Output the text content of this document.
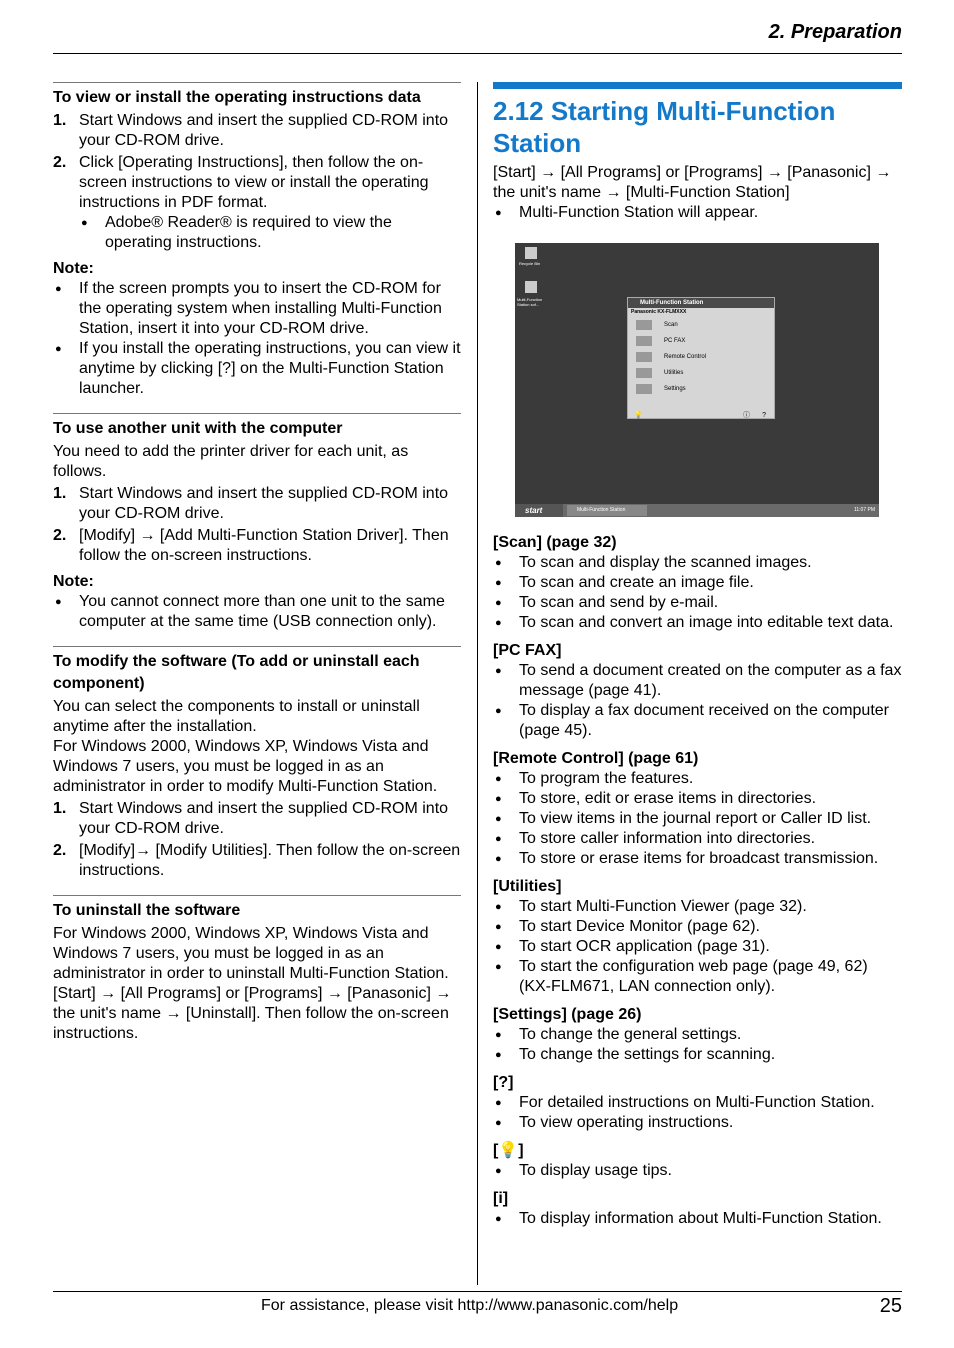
2. Preparation

To view or install the operating instructions data

1. Start Windows and insert the supplied CD-ROM into your CD-ROM drive.
2. Click [Operating Instructions], then follow the on-screen instructions to view or install the operating instructions in PDF format.
● Adobe® Reader® is required to view the operating instructions.

Note:

● If the screen prompts you to insert the CD-ROM for the operating system when installing Multi-Function Station, insert it into your CD-ROM drive.
● If you install the operating instructions, you can view it anytime by clicking [?] on the Multi-Function Station launcher.

To use another unit with the computer

You need to add the printer driver for each unit, as follows.

1. Start Windows and insert the supplied CD-ROM into your CD-ROM drive.
2. [Modify] → [Add Multi-Function Station Driver]. Then follow the on-screen instructions.

Note:

● You cannot connect more than one unit to the same computer at the same time (USB connection only).

To modify the software (To add or uninstall each component)

You can select the components to install or uninstall anytime after the installation.

For Windows 2000, Windows XP, Windows Vista and Windows 7 users, you must be logged in as an administrator in order to modify Multi-Function Station.

1. Start Windows and insert the supplied CD-ROM into your CD-ROM drive.
2. [Modify]→ [Modify Utilities]. Then follow the on-screen instructions.

To uninstall the software

For Windows 2000, Windows XP, Windows Vista and Windows 7 users, you must be logged in as an administrator in order to uninstall Multi-Function Station.

[Start] → [All Programs] or [Programs] → [Panasonic] → the unit's name → [Uninstall]. Then follow the on-screen instructions.

2.12 Starting Multi-Function Station

[Start] → [All Programs] or [Programs] → [Panasonic] → the unit's name → [Multi-Function Station]

● Multi-Function Station will appear.
Recycle Bin
Multi-Function Station sof...	Multi-Function Station
Panasonic KX-FLMXXX
Scan
PC FAX
Remote Control
Utilities
Settings
💡	ⓘ ?
start	Multi-Function Station	11:07 PM

[Scan] (page 32)

● To scan and display the scanned images.
● To scan and create an image file.
● To scan and send by e-mail.
● To scan and convert an image into editable text data.

[PC FAX]

● To send a document created on the computer as a fax message (page 41).
● To display a fax document received on the computer (page 45).

[Remote Control] (page 61)

● To program the features.
● To store, edit or erase items in directories.
● To view items in the journal report or Caller ID list.
● To store caller information into directories.
● To store or erase items for broadcast transmission.

[Utilities]

● To start Multi-Function Viewer (page 32).
● To start Device Monitor (page 62).
● To start OCR application (page 31).
● To start the configuration web page (page 49, 62) (KX-FLM671, LAN connection only).

[Settings] (page 26)

● To change the general settings.
● To change the settings for scanning.

[?]

● For detailed instructions on Multi-Function Station.
● To view operating instructions.

[💡]

● To display usage tips.

[i]

● To display information about Multi-Function Station.
For assistance, please visit http://www.panasonic.com/help	25
